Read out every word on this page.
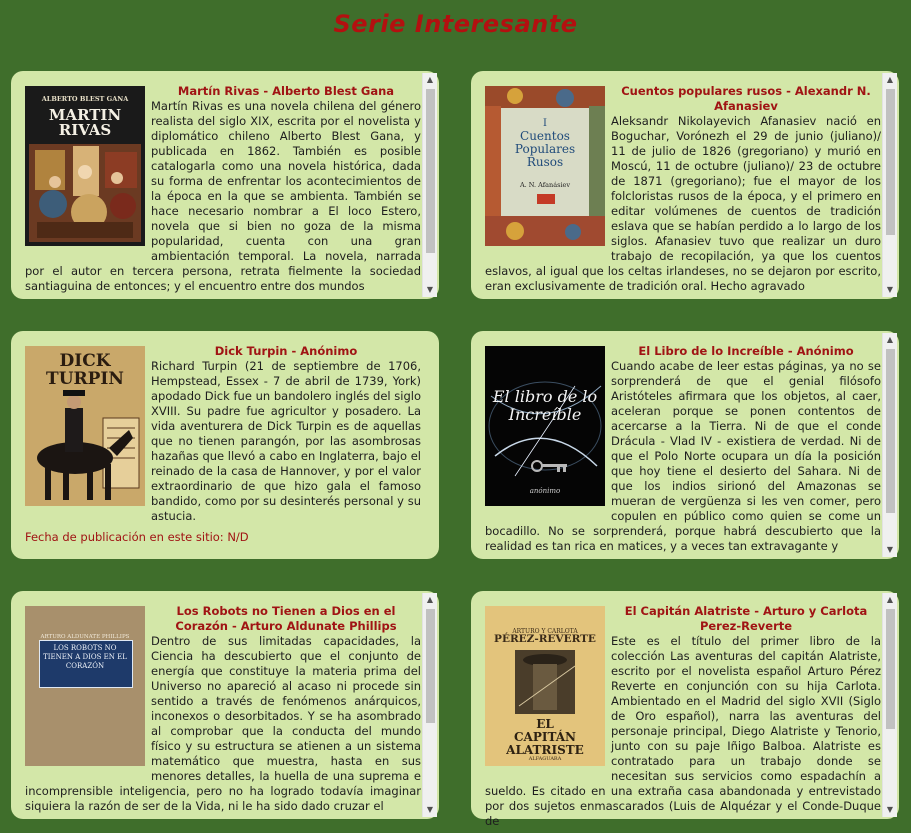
Serie Interesante
ALBERTO BLEST GANA
MARTIN RIVAS
Martín Rivas - Alberto Blest Gana
Martín Rivas es una novela chilena del género realista del siglo XIX, escrita por el novelista y diplomático chileno Alberto Blest Gana, y publicada en 1862. También es posible catalogarla como una novela histórica, dada su forma de enfrentar los acontecimientos de la época en la que se ambienta. También se hace necesario nombrar a El loco Estero, novela que si bien no goza de la misma popularidad, cuenta con una gran ambientación temporal. La novela, narrada por el autor en tercera persona, retrata fielmente la sociedad santiaguina de entonces; y el encuentro entre dos mundos
▲
▼
I
Cuentos Populares Rusos
A. N. Afanásiev
Cuentos populares rusos - Alexandr N. Afanasiev
Aleksandr Nikolayevich Afanasiev nació en Boguchar, Vorónezh el 29 de junio (juliano)/ 11 de julio de 1826 (gregoriano) y murió en Moscú, 11 de octubre (juliano)/ 23 de octubre de 1871 (gregoriano); fue el mayor de los folcloristas rusos de la época, y el primero en editar volúmenes de cuentos de tradición eslava que se habían perdido a lo largo de los siglos. Afanasiev tuvo que realizar un duro trabajo de recopilación, ya que los cuentos eslavos, al igual que los celtas irlandeses, no se dejaron por escrito, eran exclusivamente de tradición oral. Hecho agravado
▲
▼
DICK TURPIN
Dick Turpin - Anónimo
Richard Turpin (21 de septiembre de 1706, Hempstead, Essex - 7 de abril de 1739, York) apodado Dick fue un bandolero inglés del siglo XVIII. Su padre fue agricultor y posadero. La vida aventurera de Dick Turpin es de aquellas que no tienen parangón, por las asombrosas hazañas que llevó a cabo en Inglaterra, bajo el reinado de la casa de Hannover, y por el valor extraordinario de que hizo gala el famoso bandido, como por su desinterés personal y su astucia.
Fecha de publicación en este sitio: N/D
El libro de lo Increíble
anónimo
El Libro de lo Increíble - Anónimo
Cuando acabe de leer estas páginas, ya no se sorprenderá de que el genial filósofo Aristóteles afirmara que los objetos, al caer, aceleran porque se ponen contentos de acercarse a la Tierra. Ni de que el conde Drácula - Vlad IV - existiera de verdad. Ni de que el Polo Norte ocupara un día la posición que hoy tiene el desierto del Sahara. Ni de que los indios sirionó del Amazonas se mueran de vergüenza si les ven comer, pero copulen en público como quien se come un bocadillo. No se sorprenderá, porque habrá descubierto que la realidad es tan rica en matices, y a veces tan extravagante y
▲
▼
ARTURO ALDUNATE PHILLIPS
LOS ROBOTS NO TIENEN A DIOS EN EL CORAZÓN
Los Robots no Tienen a Dios en el Corazón - Arturo Aldunate Phillips
Dentro de sus limitadas capacidades, la Ciencia ha descubierto que el conjunto de energía que constituye la materia prima del Universo no apareció al acaso ni procede sin sentido a través de fenómenos anárquicos, inconexos o desorbitados. Y se ha asombrado al comprobar que la conducta del mundo físico y su estructura se atienen a un sistema matemático que muestra, hasta en sus menores detalles, la huella de una suprema e incomprensible inteligencia, pero no ha logrado todavía imaginar siquiera la razón de ser de la Vida, ni le ha sido dado cruzar el
▲
▼
ARTURO Y CARLOTA
PÉREZ-REVERTE
EL CAPITÁN ALATRISTE
ALFAGUARA
El Capitán Alatriste - Arturo y Carlota Perez-Reverte
Este es el título del primer libro de la colección Las aventuras del capitán Alatriste, escrito por el novelista español Arturo Pérez Reverte en conjunción con su hija Carlota. Ambientado en el Madrid del siglo XVII (Siglo de Oro español), narra las aventuras del personaje principal, Diego Alatriste y Tenorio, junto con su paje Iñigo Balboa. Alatriste es contratado para un trabajo donde se necesitan sus servicios como espadachín a sueldo. Es citado en una extraña casa abandonada y entrevistado por dos sujetos enmascarados (Luis de Alquézar y el Conde-Duque de
▲
▼
